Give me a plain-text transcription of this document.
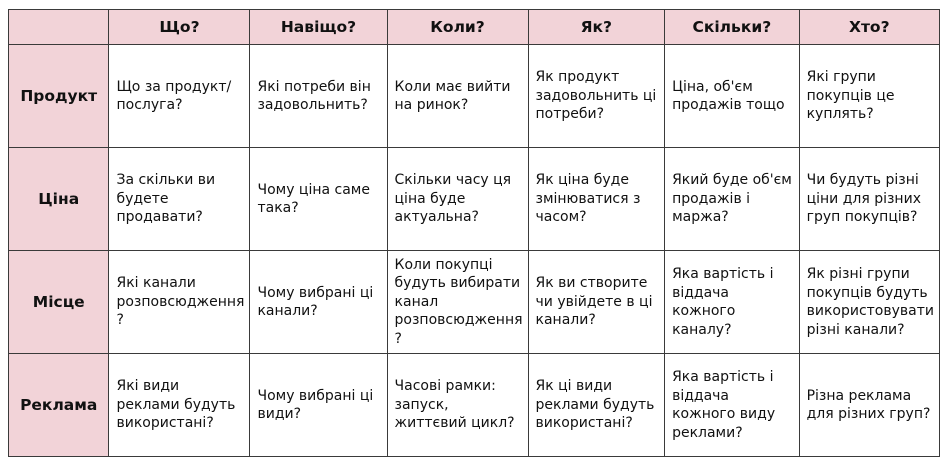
	Що?	Навіщо?	Коли?	Як?	Скільки?	Хто?
Продукт	Що за продукт/послуга?	Які потреби він задовольнить?	Коли має вийти на ринок?	Як продукт задовольнить ці потреби?	Ціна, об'єм продажів тощо	Які групи покупців це куплять?
Ціна	За скільки ви будете продавати?	Чому ціна саме така?	Скільки часу ця ціна буде актуальна?	Як ціна буде змінюватися з часом?	Який буде об'єм продажів і маржа?	Чи будуть різні ціни для різних груп покупців?
Місце	Які канали розповсюдження ?	Чому вибрані ці канали?	Коли покупці будуть вибирати канал розповсюдження ?	Як ви створите чи увійдете в ці канали?	Яка вартість і віддача кожного каналу?	Як різні групи покупців будуть використовувати різні канали?
Реклама	Які види реклами будуть використані?	Чому вибрані ці види?	Часові рамки: запуск, життєвий цикл?	Як ці види реклами будуть використані?	Яка вартість і віддача кожного виду реклами?	Різна реклама для різних груп?
